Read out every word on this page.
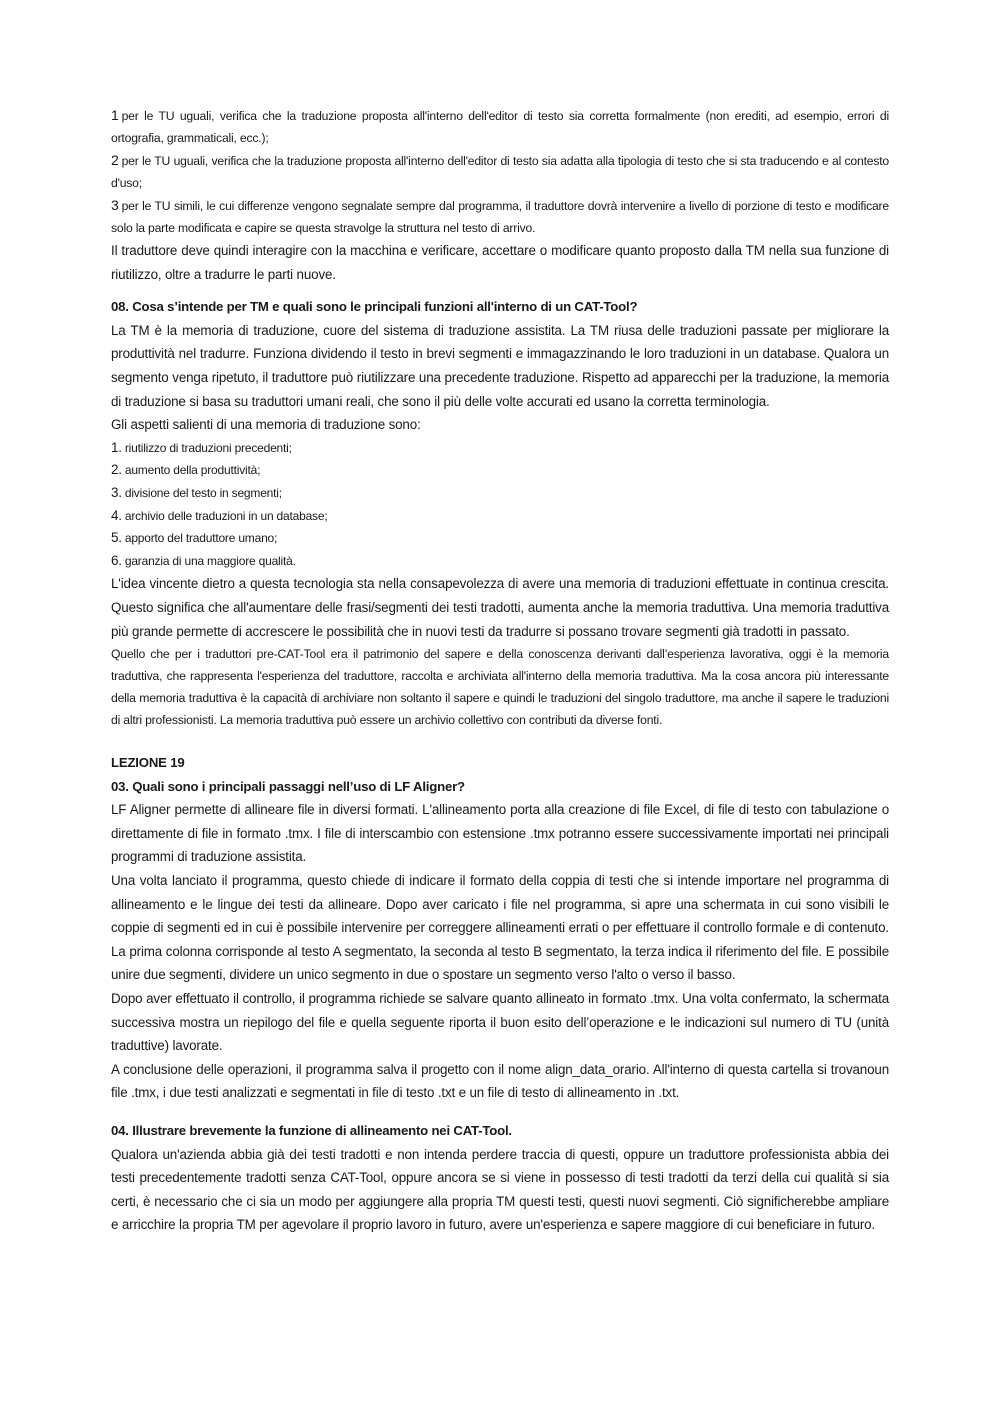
1 per le TU uguali, verifica che la traduzione proposta all'interno dell'editor di testo sia corretta formalmente (non erediti, ad esempio, errori di ortografia, grammaticali, ecc.);

2 per le TU uguali, verifica che la traduzione proposta all'interno dell'editor di testo sia adatta alla tipologia di testo che si sta traducendo e al contesto d'uso;

3 per le TU simili, le cui differenze vengono segnalate sempre dal programma, il traduttore dovrà intervenire a livello di porzione di testo e modificare solo la parte modificata e capire se questa stravolge la struttura nel testo di arrivo.

Il traduttore deve quindi interagire con la macchina e verificare, accettare o modificare quanto proposto dalla TM nella sua funzione di riutilizzo, oltre a tradurre le parti nuove.

08. Cosa s’intende per TM e quali sono le principali funzioni all'interno di un CAT-Tool?

La TM è la memoria di traduzione, cuore del sistema di traduzione assistita. La TM riusa delle traduzioni passate per migliorare la produttività nel tradurre. Funziona dividendo il testo in brevi segmenti e immagazzinando le loro traduzioni in un database. Qualora un segmento venga ripetuto, il traduttore può riutilizzare una precedente traduzione. Rispetto ad apparecchi per la traduzione, la memoria di traduzione si basa su traduttori umani reali, che sono il più delle volte accurati ed usano la corretta terminologia.

Gli aspetti salienti di una memoria di traduzione sono:

1. riutilizzo di traduzioni precedenti;
2. aumento della produttività;
3. divisione del testo in segmenti;
4. archivio delle traduzioni in un database;
5. apporto del traduttore umano;
6. garanzia di una maggiore qualità.

L'idea vincente dietro a questa tecnologia sta nella consapevolezza di avere una memoria di traduzioni effettuate in continua crescita. Questo significa che all'aumentare delle frasi/segmenti dei testi tradotti, aumenta anche la memoria traduttiva. Una memoria traduttiva più grande permette di accrescere le possibilità che in nuovi testi da tradurre si possano trovare segmenti già tradotti in passato.

Quello che per i traduttori pre-CAT-Tool era il patrimonio del sapere e della conoscenza derivanti dall’esperienza lavorativa, oggi è la memoria traduttiva, che rappresenta l'esperienza del traduttore, raccolta e archiviata all'interno della memoria traduttiva. Ma la cosa ancora più interessante della memoria traduttiva è la capacità di archiviare non soltanto il sapere e quindi le traduzioni del singolo traduttore, ma anche il sapere le traduzioni di altri professionisti. La memoria traduttiva può essere un archivio collettivo con contributi da diverse fonti.

LEZIONE 19

03. Quali sono i principali passaggi nell’uso di LF Aligner?

LF Aligner permette di allineare file in diversi formati. L'allineamento porta alla creazione di file Excel, di file di testo con tabulazione o direttamente di file in formato .tmx. I file di interscambio con estensione .tmx potranno essere successivamente importati nei principali programmi di traduzione assistita.

Una volta lanciato il programma, questo chiede di indicare il formato della coppia di testi che si intende importare nel programma di allineamento e le lingue dei testi da allineare. Dopo aver caricato i file nel programma, si apre una schermata in cui sono visibili le coppie di segmenti ed in cui è possibile intervenire per correggere allineamenti errati o per effettuare il controllo formale e di contenuto. La prima colonna corrisponde al testo A segmentato, la seconda al testo B segmentato, la terza indica il riferimento del file. E possibile unire due segmenti, dividere un unico segmento in due o spostare un segmento verso l'alto o verso il basso.

Dopo aver effettuato il controllo, il programma richiede se salvare quanto allineato in formato .tmx. Una volta confermato, la schermata successiva mostra un riepilogo del file e quella seguente riporta il buon esito dell’operazione e le indicazioni sul numero di TU (unità traduttive) lavorate.

A conclusione delle operazioni, il programma salva il progetto con il nome align_data_orario. All'interno di questa cartella si trovanoun file .tmx, i due testi analizzati e segmentati in file di testo .txt e un file di testo di allineamento in .txt.

04. Illustrare brevemente la funzione di allineamento nei CAT-Tool.

Qualora un'azienda abbia già dei testi tradotti e non intenda perdere traccia di questi, oppure un traduttore professionista abbia dei testi precedentemente tradotti senza CAT-Tool, oppure ancora se si viene in possesso di testi tradotti da terzi della cui qualità si sia certi, è necessario che ci sia un modo per aggiungere alla propria TM questi testi, questi nuovi segmenti. Ciò significherebbe ampliare e arricchire la propria TM per agevolare il proprio lavoro in futuro, avere un'esperienza e sapere maggiore di cui beneficiare in futuro.
